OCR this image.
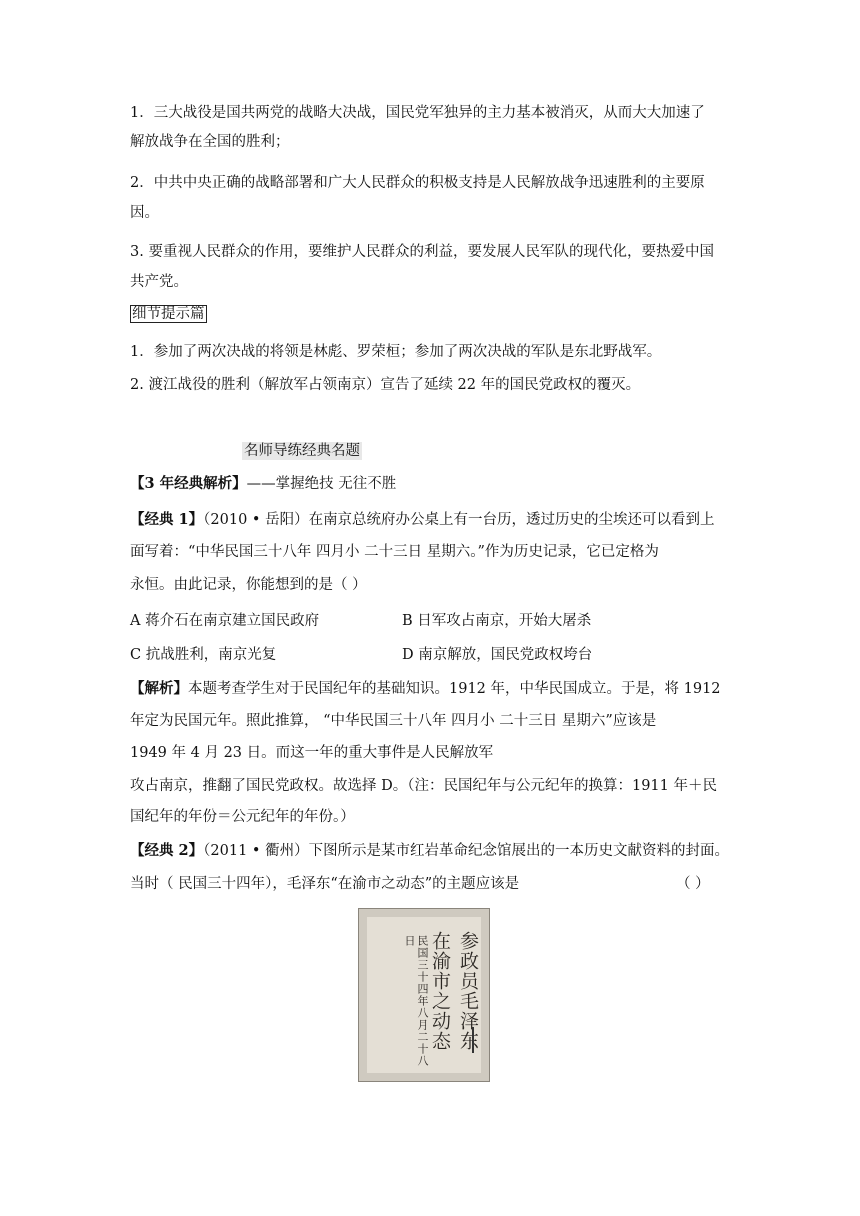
1．三大战役是国共两党的战略大决战，国民党军独异的主力基本被消灭，从而大大加速了
解放战争在全国的胜利；
2．中共中央正确的战略部署和广大人民群众的积极支持是人民解放战争迅速胜利的主要原
因。
3. 要重视人民群众的作用，要维护人民群众的利益，要发展人民军队的现代化，要热爱中国
共产党。
细节提示篇
1．参加了两次决战的将领是林彪、罗荣桓；参加了两次决战的军队是东北野战军。
2. 渡江战役的胜利（解放军占领南京）宣告了延续 22 年的国民党政权的覆灭。
名师导练经典名题
【3 年经典解析】——掌握绝技 无往不胜
【经典 1】（2010 • 岳阳）在南京总统府办公桌上有一台历，透过历史的尘埃还可以看到上
面写着：“中华民国三十八年 四月小 二十三日 星期六。”作为历史记录，它已定格为
永恒。由此记录，你能想到的是（ ）
A 蒋介石在南京建立国民政府	B 日军攻占南京，开始大屠杀
C 抗战胜利，南京光复	D 南京解放，国民党政权垮台
【解析】本题考查学生对于民国纪年的基础知识。1912 年，中华民国成立。于是，将 1912
年定为民国元年。照此推算， “中华民国三十八年 四月小 二十三日 星期六”应该是
1949 年 4 月 23 日。而这一年的重大事件是人民解放军
攻占南京，推翻了国民党政权。故选择 D。（注：民国纪年与公元纪年的换算：1911 年＋民
国纪年的年份＝公元纪年的年份。）
【经典 2】（2011 • 衢州）下图所示是某市红岩革命纪念馆展出的一本历史文献资料的封面。
当时（ 民国三十四年），毛泽东“在渝市之动态”的主题应该是	（ ）
参政员毛泽东
在渝市之动态
民国三十四年八月二十八日
